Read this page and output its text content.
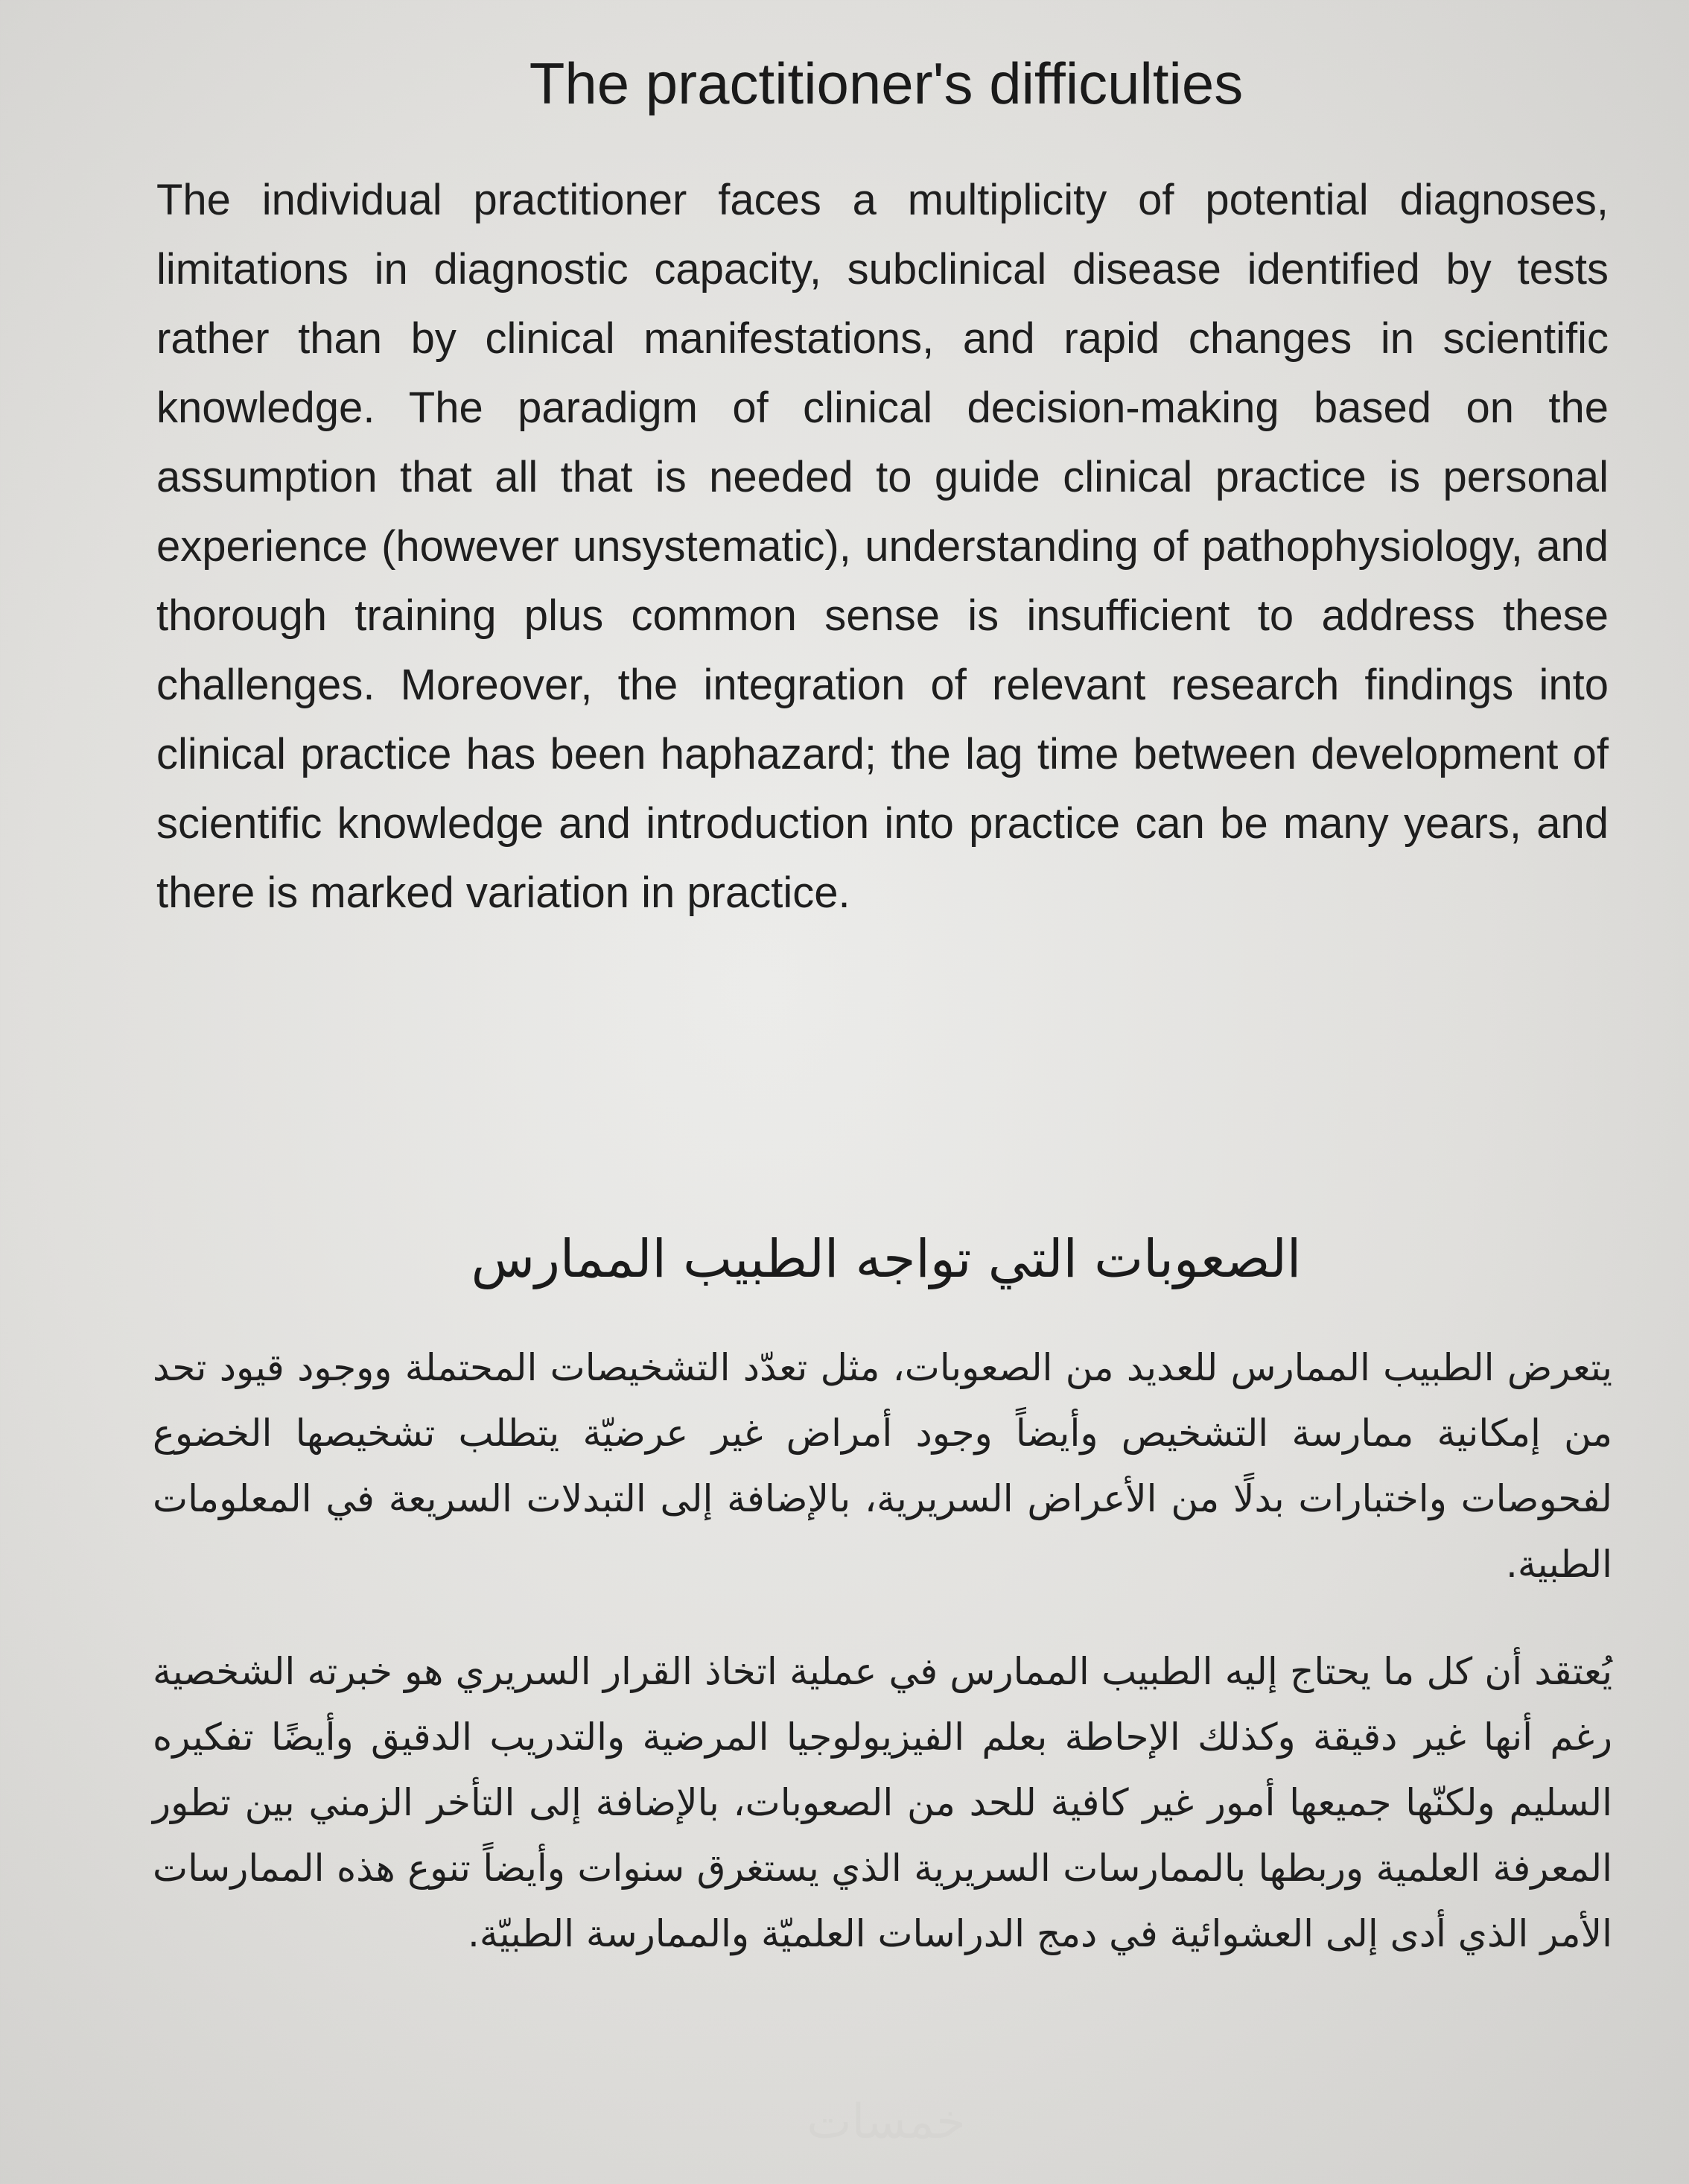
The practitioner's difficulties

The individual practitioner faces a multiplicity of potential diagnoses, limitations in diagnostic capacity, subclinical disease identified by tests rather than by clinical manifestations, and rapid changes in scientific knowledge. The paradigm of clinical decision-making based on the assumption that all that is needed to guide clinical practice is personal experience (however unsystematic), understanding of pathophysiology, and thorough training plus common sense is insufficient to address these challenges. Moreover, the integration of relevant research findings into clinical practice has been haphazard; the lag time between development of scientific knowledge and introduction into practice can be many years, and there is marked variation in practice.

الصعوبات التي تواجه الطبيب الممارس

يتعرض الطبيب الممارس للعديد من الصعوبات، مثل تعدّد التشخيصات المحتملة ووجود قيود تحد من إمكانية ممارسة التشخيص وأيضاً وجود أمراض غير عرضيّة يتطلب تشخيصها الخضوع لفحوصات واختبارات بدلًا من الأعراض السريرية، بالإضافة إلى التبدلات السريعة في المعلومات الطبية.

يُعتقد أن كل ما يحتاج إليه الطبيب الممارس في عملية اتخاذ القرار السريري هو خبرته الشخصية رغم أنها غير دقيقة وكذلك الإحاطة بعلم الفيزيولوجيا المرضية والتدريب الدقيق وأيضًا تفكيره السليم ولكنّها جميعها أمور غير كافية للحد من الصعوبات، بالإضافة إلى التأخر الزمني بين تطور المعرفة العلمية وربطها بالممارسات السريرية الذي يستغرق سنوات وأيضاً تنوع هذه الممارسات الأمر الذي أدى إلى العشوائية في دمج الدراسات العلميّة والممارسة الطبيّة.

خمسات
